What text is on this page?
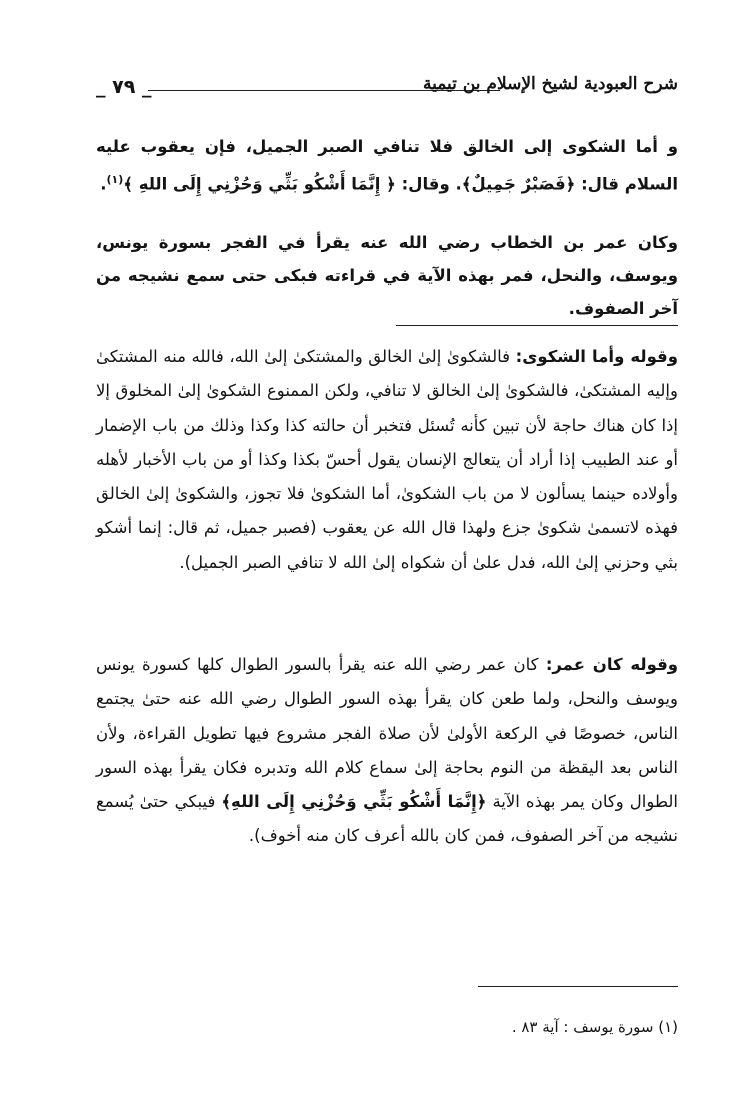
_ ٧٩ _	شرح العبودية لشيخ الإسلام بن تيمية

و أما الشكوى إلى الخالق فلا تنافي الصبر الجميل، فإن يعقوب عليه السلام قال: ﴿فَصَبْرٌ جَمِيلٌ﴾. وقال: ﴿ إِنَّمَا أَشْكُو بَثِّي وَحُزْنِي إِلَى اللهِ ﴾$^{(١)}$.

وكان عمر بن الخطاب رضي الله عنه يقرأ في الفجر بسورة يونس، ويوسف، والنحل، فمر بهذه الآية في قراءته فبكى حتى سمع نشيجه من آخر الصفوف.

وقوله وأما الشكوى: فالشكوىٰ إلىٰ الخالق والمشتكىٰ إلىٰ الله، فالله منه المشتكىٰ وإليه المشتكىٰ، فالشكوىٰ إلىٰ الخالق لا تنافي، ولكن الممنوع الشكوىٰ إلىٰ المخلوق إلا إذا كان هناك حاجة لأن تبين كأنه تُسئل فتخبر أن حالته كذا وكذا وذلك من باب الإضمار أو عند الطبيب إذا أراد أن يتعالج الإنسان يقول أحسّ بكذا وكذا أو من باب الأخبار لأهله وأولاده حينما يسألون لا من باب الشكوىٰ، أما الشكوىٰ فلا تجوز، والشكوىٰ إلىٰ الخالق فهذه لاتسمىٰ شكوىٰ جزع ولهذا قال الله عن يعقوب (فصبر جميل، ثم قال: إنما أشكو بثي وحزني إلىٰ الله، فدل علىٰ أن شكواه إلىٰ الله لا تنافي الصبر الجميل).

وقوله كان عمر: كان عمر رضي الله عنه يقرأ بالسور الطوال كلها كسورة يونس ويوسف والنحل، ولما طعن كان يقرأ بهذه السور الطوال رضي الله عنه حتىٰ يجتمع الناس، خصوصًا في الركعة الأولىٰ لأن صلاة الفجر مشروع فيها تطويل القراءة، ولأن الناس بعد اليقظة من النوم بحاجة إلىٰ سماع كلام الله وتدبره فكان يقرأ بهذه السور الطوال وكان يمر بهذه الآية ﴿إِنَّمَا أَشْكُو بَثِّي وَحُزْنِي إِلَى اللهِ﴾ فيبكي حتىٰ يُسمع نشيجه من آخر الصفوف، فمن كان بالله أعرف كان منه أخوف).

(١) سورة يوسف : آية ٨٣ .
